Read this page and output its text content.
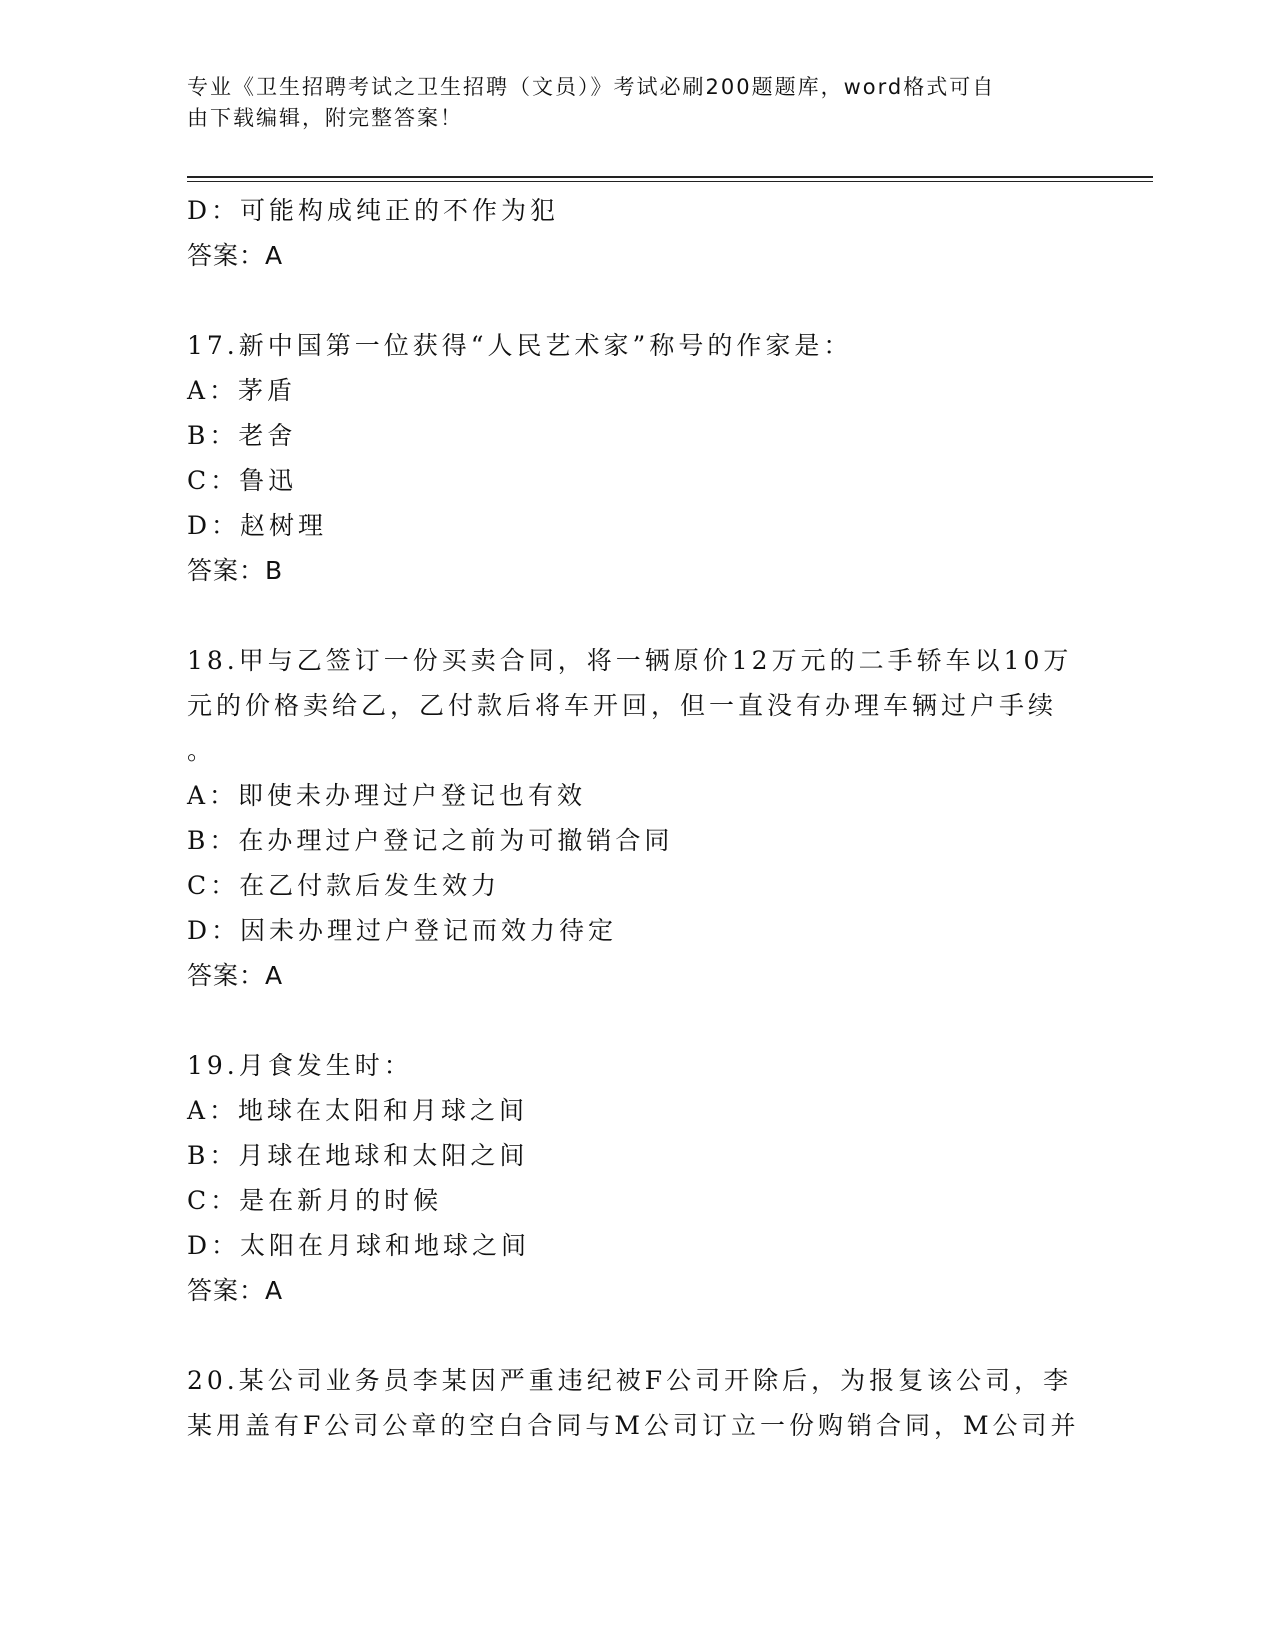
专业《卫生招聘考试之卫生招聘（文员）》考试必刷200题题库，word格式可自
由下载编辑，附完整答案！
D：可能构成纯正的不作为犯
答案：A
17.新中国第一位获得“人民艺术家”称号的作家是：
A：茅盾
B：老舍
C：鲁迅
D：赵树理
答案：B
18.甲与乙签订一份买卖合同，将一辆原价12万元的二手轿车以10万
元的价格卖给乙，乙付款后将车开回，但一直没有办理车辆过户手续
。
A：即使未办理过户登记也有效
B：在办理过户登记之前为可撤销合同
C：在乙付款后发生效力
D：因未办理过户登记而效力待定
答案：A
19.月食发生时：
A：地球在太阳和月球之间
B：月球在地球和太阳之间
C：是在新月的时候
D：太阳在月球和地球之间
答案：A
20.某公司业务员李某因严重违纪被F公司开除后，为报复该公司，李
某用盖有F公司公章的空白合同与M公司订立一份购销合同，M公司并
